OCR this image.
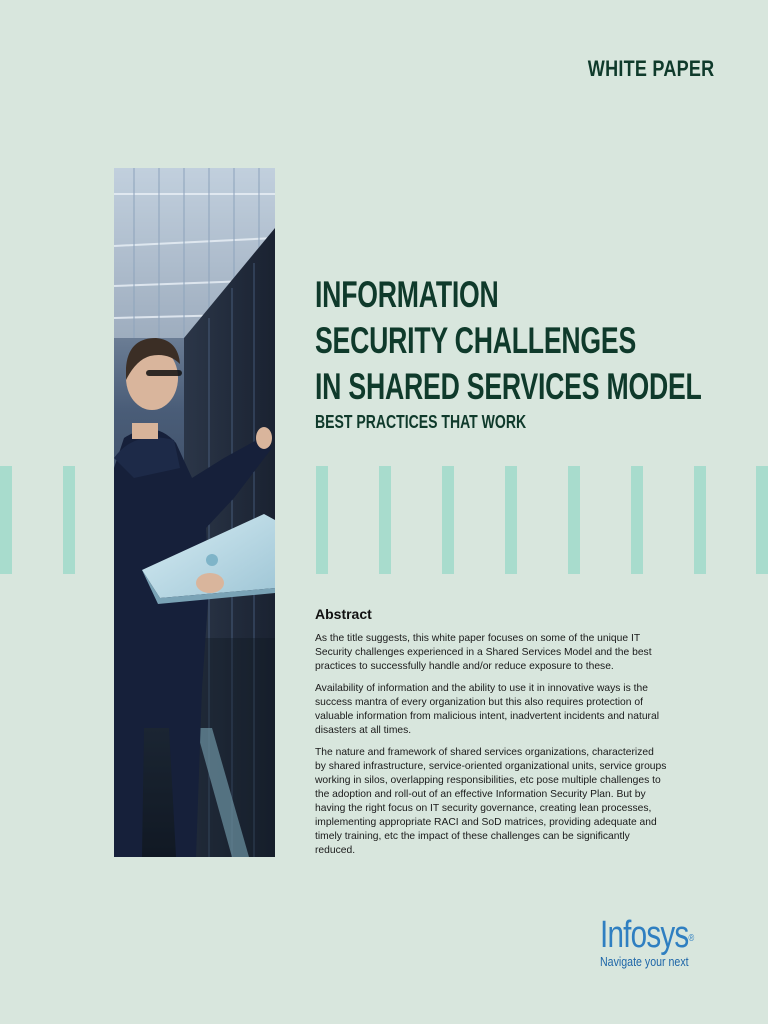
WHITE PAPER
INFORMATION
SECURITY CHALLENGES
IN SHARED SERVICES MODEL
BEST PRACTICES THAT WORK
Abstract

As the title suggests, this white paper focuses on some of the unique IT Security challenges experienced in a Shared Services Model and the best practices to successfully handle and/or reduce exposure to these.

Availability of information and the ability to use it in innovative ways is the success mantra of every organization but this also requires protection of valuable information from malicious intent, inadvertent incidents and natural disasters at all times.

The nature and framework of shared services organizations, characterized by shared infrastructure, service-oriented organizational units, service groups working in silos, overlapping responsibilities, etc pose multiple challenges to the adoption and roll-out of an effective Information Security Plan. But by having the right focus on IT security governance, creating lean processes, implementing appropriate RACI and SoD matrices, providing adequate and timely training, etc the impact of these challenges can be significantly reduced.

Infosys®
Navigate your next
